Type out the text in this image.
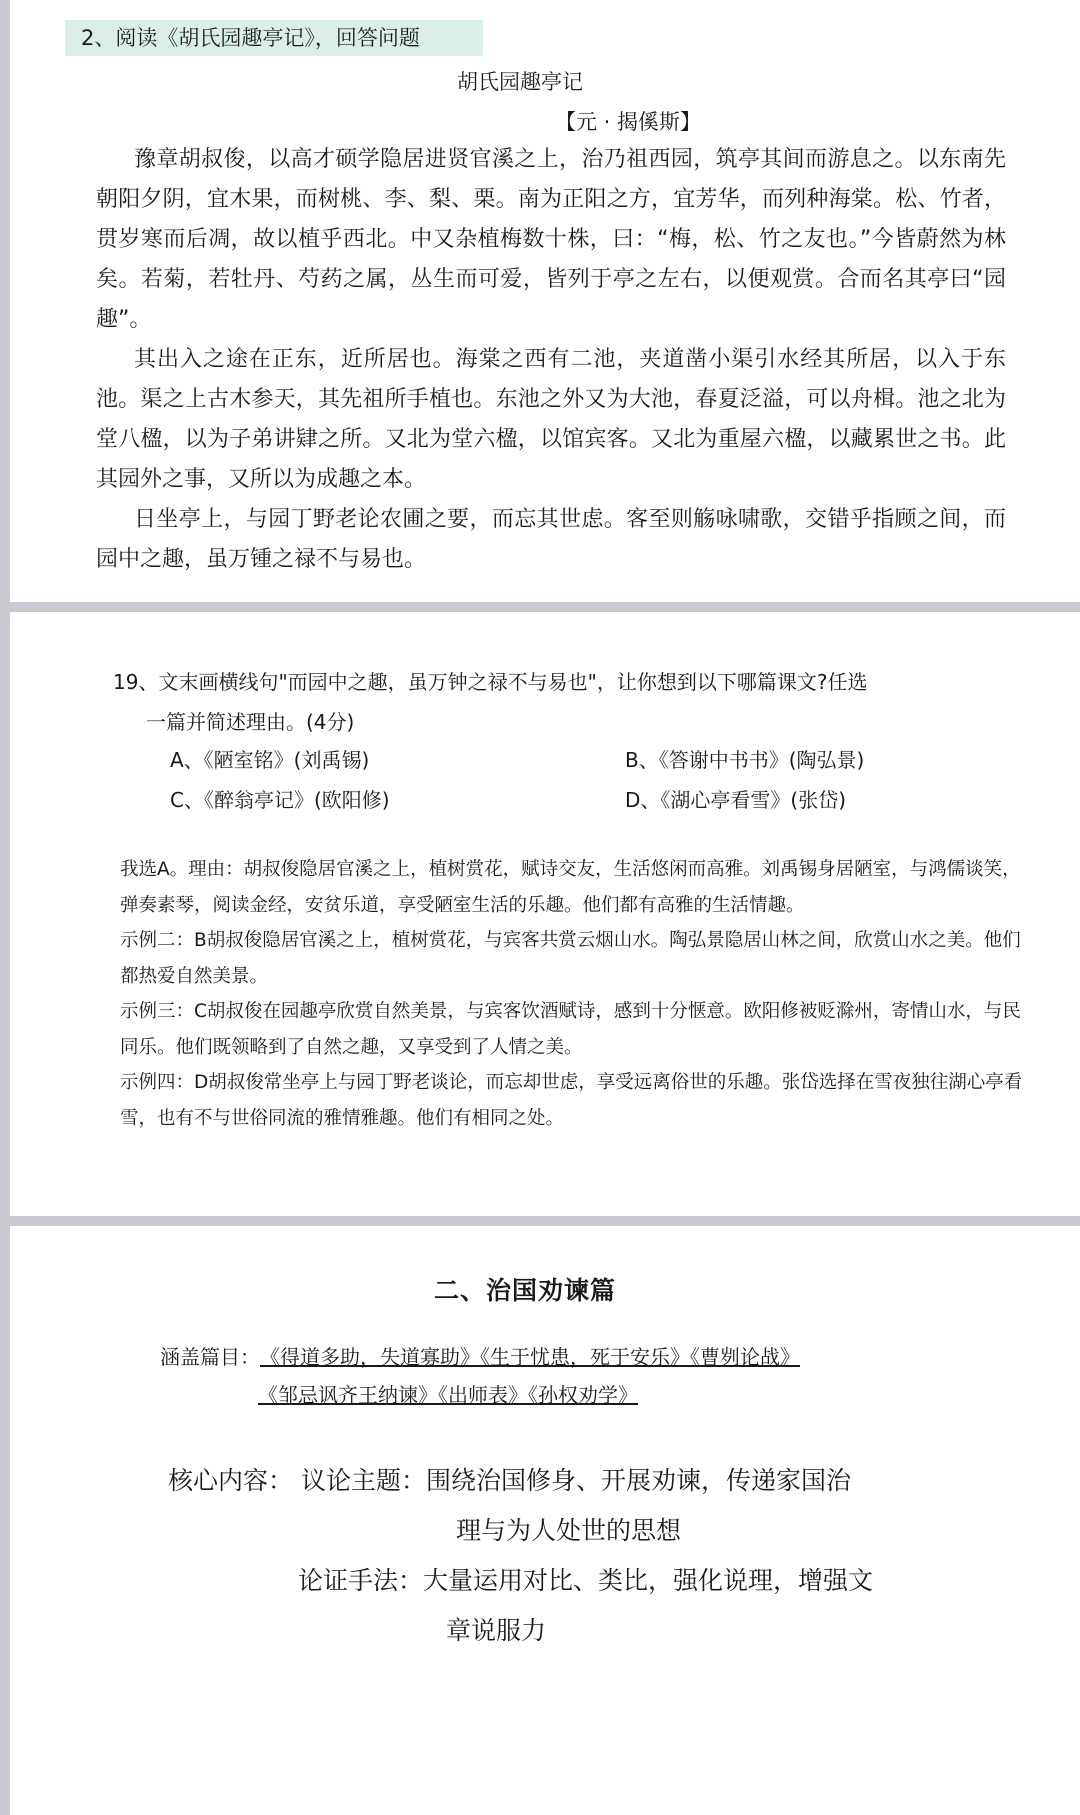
2、阅读《胡氏园趣亭记》，回答问题
胡氏园趣亭记
【元 · 揭傒斯】

豫章胡叔俊，以高才硕学隐居进贤官溪之上，治乃祖西园，筑亭其间而游息之。以东南先朝阳夕阴，宜木果，而树桃、李、梨、栗。南为正阳之方，宜芳华，而列种海棠。松、竹者，贯岁寒而后凋，故以植乎西北。中又杂植梅数十株，曰：“梅，松、竹之友也。”今皆蔚然为林矣。若菊，若牡丹、芍药之属，丛生而可爱，皆列于亭之左右，以便观赏。合而名其亭曰“园趣”。

其出入之途在正东，近所居也。海棠之西有二池，夹道凿小渠引水经其所居，以入于东池。渠之上古木参天，其先祖所手植也。东池之外又为大池，春夏泛溢，可以舟楫。池之北为堂八楹，以为子弟讲肄之所。又北为堂六楹，以馆宾客。又北为重屋六楹，以藏累世之书。此其园外之事，又所以为成趣之本。

日坐亭上，与园丁野老论农圃之要，而忘其世虑。客至则觞咏啸歌，交错乎指顾之间，而园中之趣，虽万锺之禄不与易也。

19、文末画横线句"而园中之趣，虽万钟之禄不与易也"，让你想到以下哪篇课文?任选
一篇并简述理由。(4分)
A、《陋室铭》(刘禹锡)	B、《答谢中书书》(陶弘景)
C、《醉翁亭记》(欧阳修)	D、《湖心亭看雪》(张岱)

我选A。理由：胡叔俊隐居官溪之上，植树赏花，赋诗交友，生活悠闲而高雅。刘禹锡身居陋室，与鸿儒谈笑，弹奏素琴，阅读金经，安贫乐道，享受陋室生活的乐趣。他们都有高雅的生活情趣。

示例二：B胡叔俊隐居官溪之上，植树赏花，与宾客共赏云烟山水。陶弘景隐居山林之间，欣赏山水之美。他们都热爱自然美景。

示例三：C胡叔俊在园趣亭欣赏自然美景，与宾客饮酒赋诗，感到十分惬意。欧阳修被贬滁州，寄情山水，与民同乐。他们既领略到了自然之趣，又享受到了人情之美。

示例四：D胡叔俊常坐亭上与园丁野老谈论，而忘却世虑，享受远离俗世的乐趣。张岱选择在雪夜独往湖心亭看雪，也有不与世俗同流的雅情雅趣。他们有相同之处。

二、治国劝谏篇
涵盖篇目：《得道多助，失道寡助》《生于忧患，死于安乐》《曹刿论战》
《邹忌讽齐王纳谏》《出师表》《孙权劝学》
核心内容： 议论主题：围绕治国修身、开展劝谏，传递家国治
理与为人处世的思想
论证手法：大量运用对比、类比，强化说理，增强文
章说服力
